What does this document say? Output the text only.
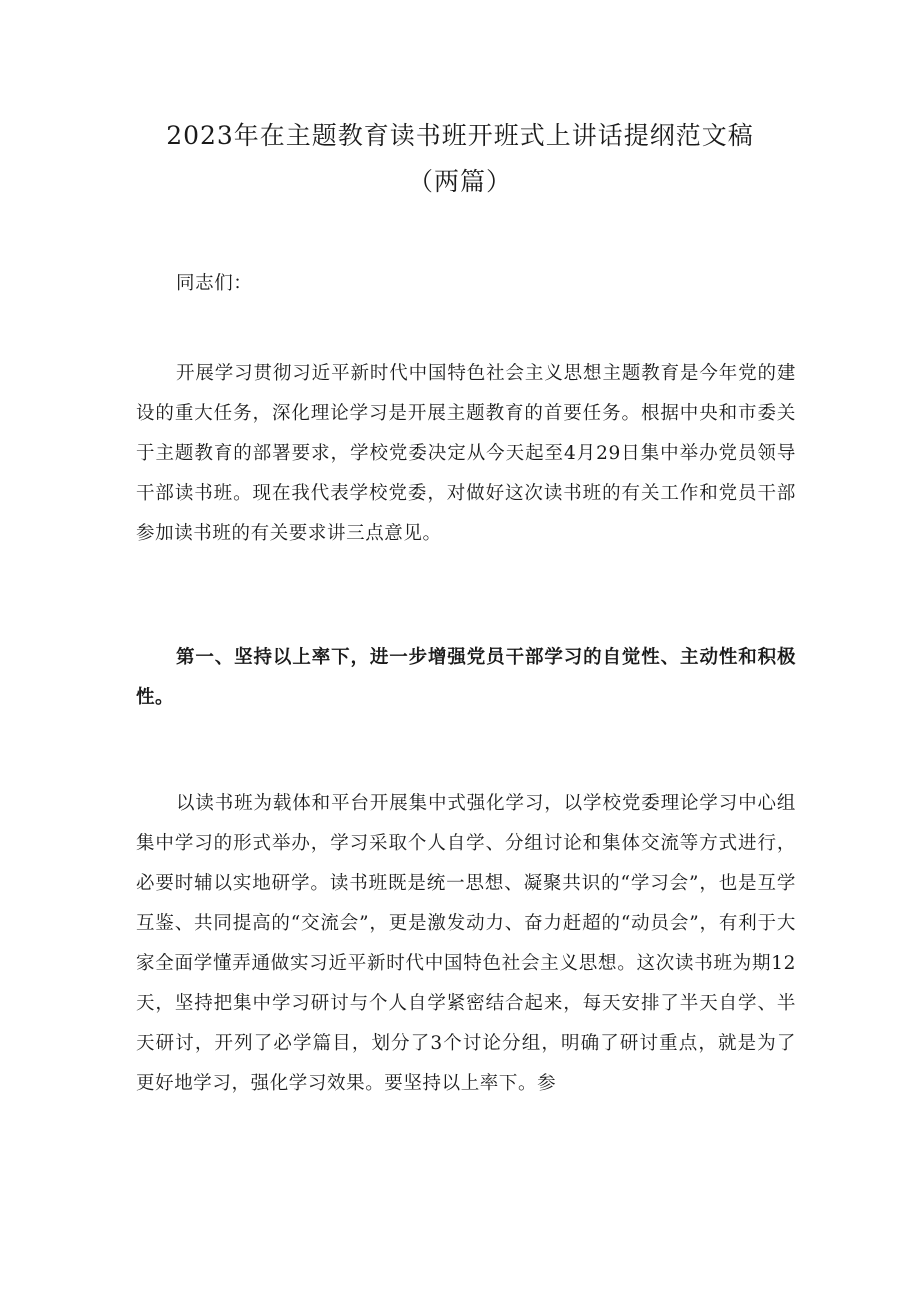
2023年在主题教育读书班开班式上讲话提纲范文稿
（两篇）

同志们：

开展学习贯彻习近平新时代中国特色社会主义思想主题教育是今年党的建设的重大任务，深化理论学习是开展主题教育的首要任务。根据中央和市委关于主题教育的部署要求，学校党委决定从今天起至4月29日集中举办党员领导干部读书班。现在我代表学校党委，对做好这次读书班的有关工作和党员干部参加读书班的有关要求讲三点意见。

第一、坚持以上率下，进一步增强党员干部学习的自觉性、主动性和积极性。

以读书班为载体和平台开展集中式强化学习，以学校党委理论学习中心组集中学习的形式举办，学习采取个人自学、分组讨论和集体交流等方式进行，必要时辅以实地研学。读书班既是统一思想、凝聚共识的“学习会”，也是互学互鉴、共同提高的“交流会”，更是激发动力、奋力赶超的“动员会”，有利于大家全面学懂弄通做实习近平新时代中国特色社会主义思想。这次读书班为期12天，坚持把集中学习研讨与个人自学紧密结合起来，每天安排了半天自学、半天研讨，开列了必学篇目，划分了3个讨论分组，明确了研讨重点，就是为了更好地学习，强化学习效果。要坚持以上率下。参
